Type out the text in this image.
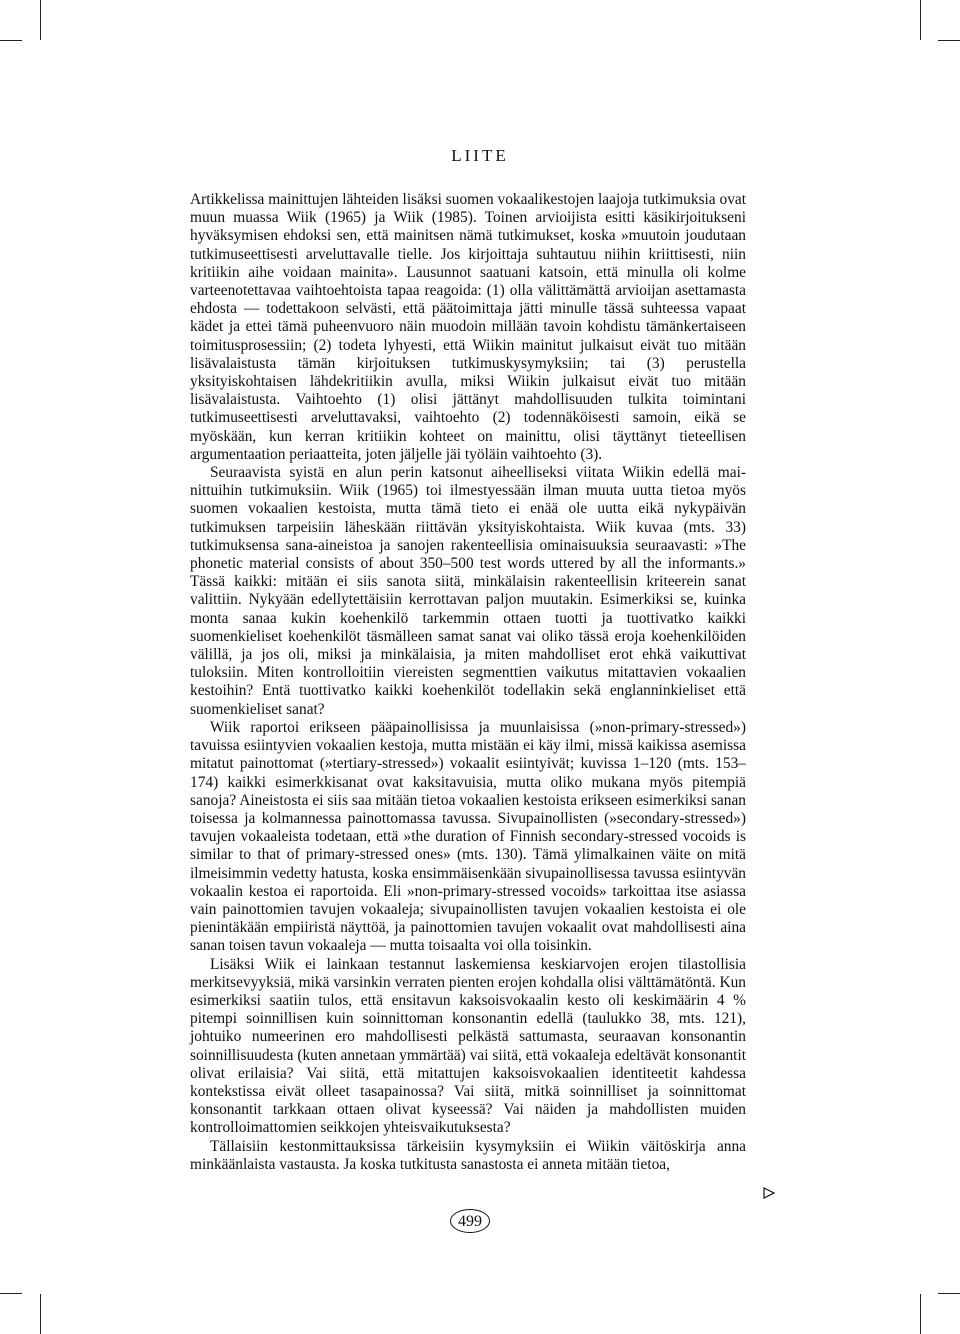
LIITE

Artikkelissa mainittujen lähteiden lisäksi suomen vokaalikestojen laajoja tutkimuksia ovat muun muassa Wiik (1965) ja Wiik (1985). Toinen arvioijista esitti käsikirjoitukseni hyväksymisen ehdoksi sen, että mainitsen nämä tutkimukset, koska »muutoin joudutaan tutkimuseettisesti arveluttavalle tielle. Jos kirjoittaja suhtautuu niihin kriittisesti, niin kritiikin aihe voidaan mainita». Lausunnot saatuani katsoin, että minulla oli kolme varteenotettavaa vaihtoehtoista tapaa reagoida: (1) olla välittämättä arvioijan asettamasta ehdosta — todettakoon selvästi, että päätoimittaja jätti minulle tässä suhteessa vapaat kädet ja ettei tämä puheenvuoro näin muodoin millään tavoin kohdistu tämänkertaiseen toimitusprosessiin; (2) todeta lyhyesti, että Wiikin mainitut julkaisut eivät tuo mitään lisävalaistusta tämän kirjoituksen tutkimuskysymyksiin; tai (3) perustella yksityiskohtaisen lähdekritiikin avulla, miksi Wiikin julkaisut eivät tuo mitään lisävalaistusta. Vaihtoehto (1) olisi jättänyt mahdollisuuden tulkita toimintani tutkimuseettisesti arveluttavaksi, vaihtoehto (2) todennäköisesti samoin, eikä se myöskään, kun kerran kritiikin kohteet on mainittu, olisi täyttänyt tieteellisen argumentaation periaatteita, joten jäljelle jäi työläin vaihtoehto (3).

Seuraavista syistä en alun perin katsonut aiheelliseksi viitata Wiikin edellä mainittuihin tutkimuksiin. Wiik (1965) toi ilmestyessään ilman muuta uutta tietoa myös suomen vokaalien kestoista, mutta tämä tieto ei enää ole uutta eikä nykypäivän tutkimuksen tarpeisiin läheskään riittävän yksityiskohtaista. Wiik kuvaa (mts. 33) tutkimuksensa sana-aineistoa ja sanojen rakenteellisia ominaisuuksia seuraavasti: »The phonetic material consists of about 350–500 test words uttered by all the informants.» Tässä kaikki: mitään ei siis sanota siitä, minkälaisin rakenteellisin kriteerein sanat valittiin. Nykyään edellytettäisiin kerrottavan paljon muutakin. Esimerkiksi se, kuinka monta sanaa kukin koehenkilö tarkemmin ottaen tuotti ja tuottivatko kaikki suomenkieliset koehenkilöt täsmälleen samat sanat vai oliko tässä eroja koehenkilöiden välillä, ja jos oli, miksi ja minkälaisia, ja miten mahdolliset erot ehkä vaikuttivat tuloksiin. Miten kontrolloitiin viereisten segmenttien vaikutus mitattavien vokaalien kestoihin? Entä tuottivatko kaikki koehenkilöt todellakin sekä englanninkieliset että suomenkieliset sanat?

Wiik raportoi erikseen pääpainollisissa ja muunlaisissa (»non-primary-stressed») tavuissa esiintyvien vokaalien kestoja, mutta mistään ei käy ilmi, missä kaikissa asemissa mitatut painottomat (»tertiary-stressed») vokaalit esiintyivät; kuvissa 1–120 (mts. 153–174) kaikki esimerkkisanat ovat kaksitavuisia, mutta oliko mukana myös pitempiä sanoja? Aineistosta ei siis saa mitään tietoa vokaalien kestoista erikseen esimerkiksi sanan toisessa ja kolmannessa painottomassa tavussa. Sivupainollisten (»secondary-stressed») tavujen vokaaleista todetaan, että »the duration of Finnish secondary-stressed vocoids is similar to that of primary-stressed ones» (mts. 130). Tämä ylimalkainen väite on mitä ilmeisimmin vedetty hatusta, koska ensimmäisenkään sivupainollisessa tavussa esiintyvän vokaalin kestoa ei raportoida. Eli »non-primary-stressed vocoids» tarkoittaa itse asiassa vain painottomien tavujen vokaaleja; sivupainollisten tavujen vokaalien kestoista ei ole pienintäkään empiiristä näyttöä, ja painottomien tavujen vokaalit ovat mahdollisesti aina sanan toisen tavun vokaaleja — mutta toisaalta voi olla toisinkin.

Lisäksi Wiik ei lainkaan testannut laskemiensa keskiarvojen erojen tilastollisia merkitsevyyksiä, mikä varsinkin verraten pienten erojen kohdalla olisi välttämätöntä. Kun esimerkiksi saatiin tulos, että ensitavun kaksoisvokaalin kesto oli keskimäärin 4 % pitempi soinnillisen kuin soinnittoman konsonantin edellä (taulukko 38, mts. 121), johtuiko numeerinen ero mahdollisesti pelkästä sattumasta, seuraavan konsonantin soinnillisuudesta (kuten annetaan ymmärtää) vai siitä, että vokaaleja edeltävät konsonantit olivat erilaisia? Vai siitä, että mitattujen kaksoisvokaalien identiteetit kahdessa kontekstissa eivät olleet tasapainossa? Vai siitä, mitkä soinnilliset ja soinnittomat konsonantit tarkkaan ottaen olivat kyseessä? Vai näiden ja mahdollisten muiden kontrolloimattomien seikkojen yhteisvaikutuksesta?

Tällaisiin kestonmittauksissa tärkeisiin kysymyksiin ei Wiikin väitöskirja anna minkäänlaista vastausta. Ja koska tutkitusta sanastosta ei anneta mitään tietoa,

499
